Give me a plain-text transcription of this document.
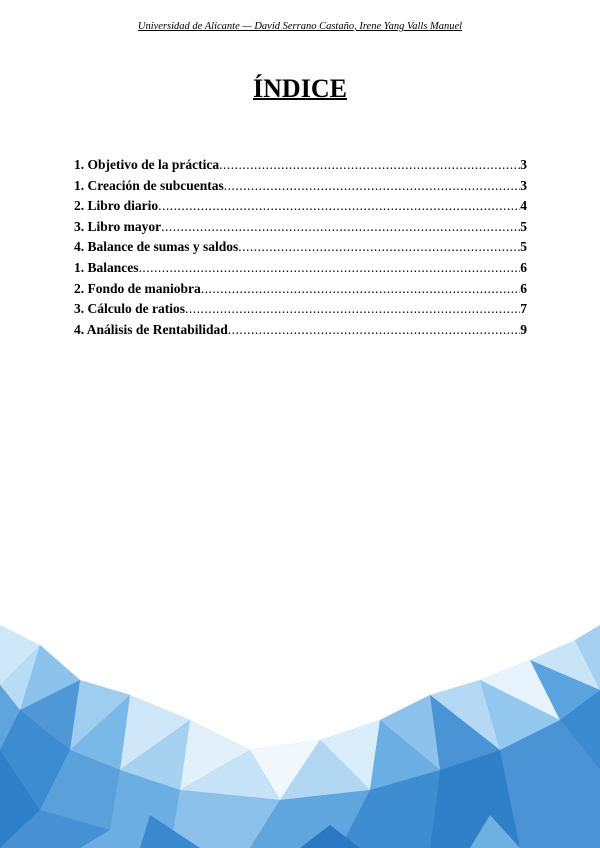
Universidad de Alicante — David Serrano Castaño, Irene Yang Valls Manuel
ÍNDICE
1. Objetivo de la práctica .....	3
1. Creación de subcuentas .....	3
2. Libro diario .....	4
3. Libro mayor .....	5
4. Balance de sumas y saldos .....	5
1. Balances .....	6
2. Fondo de maniobra .....	6
3. Cálculo de ratios .....	7
4. Análisis de Rentabilidad .....	9
